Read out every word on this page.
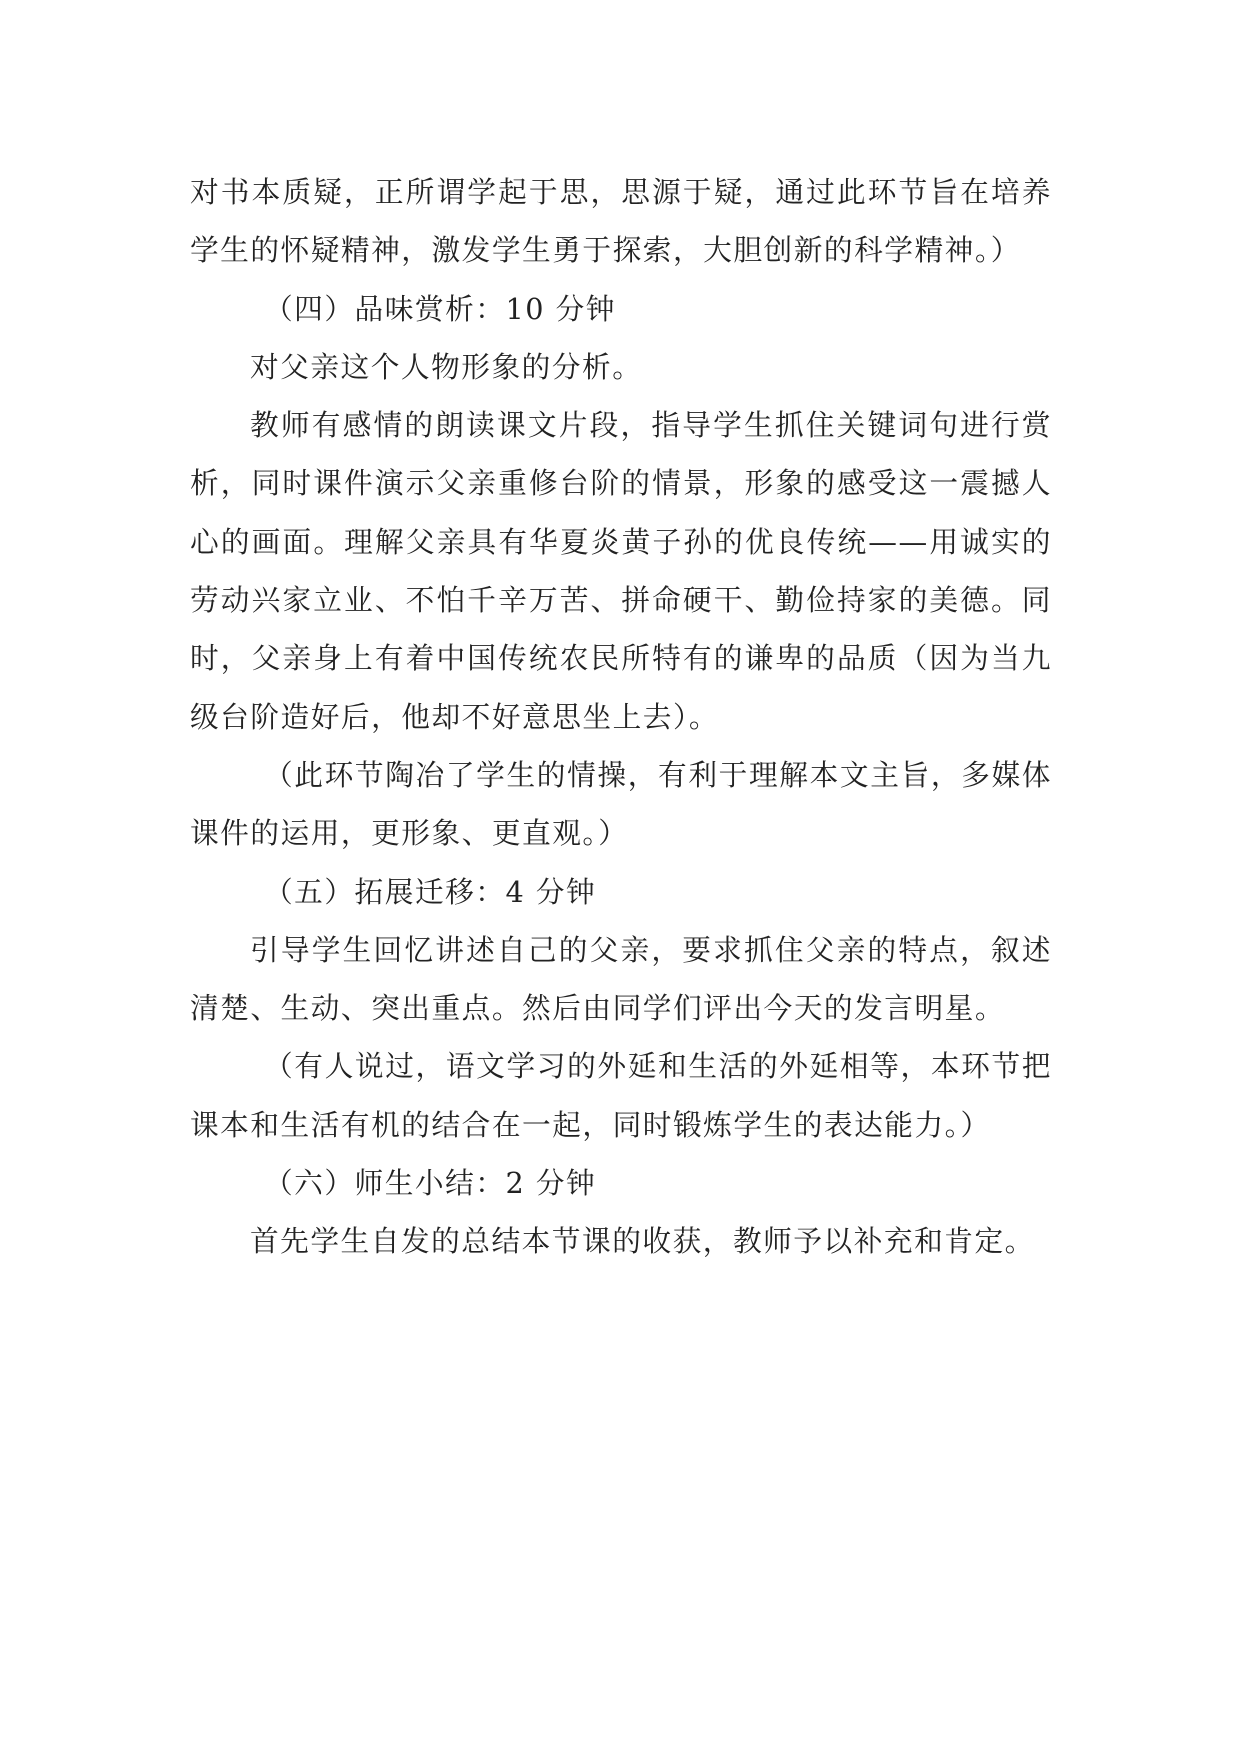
对书本质疑，正所谓学起于思，思源于疑，通过此环节旨在培养学生的怀疑精神，激发学生勇于探索，大胆创新的科学精神。）

（四）品味赏析：10 分钟

对父亲这个人物形象的分析。

教师有感情的朗读课文片段，指导学生抓住关键词句进行赏析，同时课件演示父亲重修台阶的情景，形象的感受这一震撼人心的画面。理解父亲具有华夏炎黄子孙的优良传统——用诚实的劳动兴家立业、不怕千辛万苦、拼命硬干、勤俭持家的美德。同时，父亲身上有着中国传统农民所特有的谦卑的品质（因为当九级台阶造好后，他却不好意思坐上去）。

（此环节陶冶了学生的情操，有利于理解本文主旨，多媒体课件的运用，更形象、更直观。）

（五）拓展迁移：4 分钟

引导学生回忆讲述自己的父亲，要求抓住父亲的特点，叙述清楚、生动、突出重点。然后由同学们评出今天的发言明星。

（有人说过，语文学习的外延和生活的外延相等，本环节把课本和生活有机的结合在一起，同时锻炼学生的表达能力。）

（六）师生小结：2 分钟

首先学生自发的总结本节课的收获，教师予以补充和肯定。
